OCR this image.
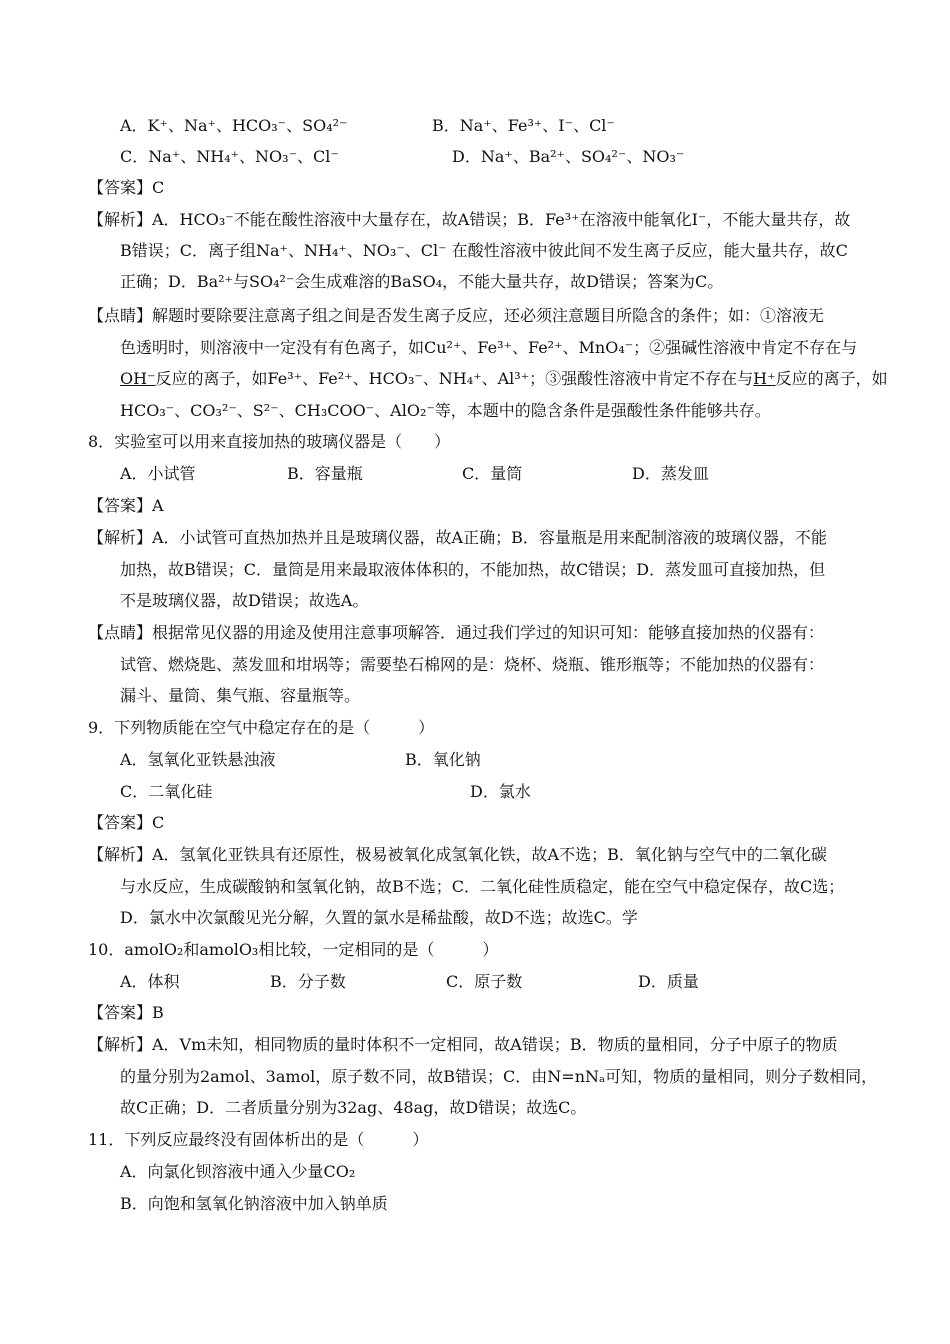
A．K⁺、Na⁺、HCO₃⁻、SO₄²⁻	B．Na⁺、Fe³⁺、I⁻、Cl⁻
C．Na⁺、NH₄⁺、NO₃⁻、Cl⁻	D．Na⁺、Ba²⁺、SO₄²⁻、NO₃⁻
【答案】C
【解析】A．HCO₃⁻不能在酸性溶液中大量存在，故A错误；B．Fe³⁺在溶液中能氧化I⁻，不能大量共存，故
B错误；C．离子组Na⁺、NH₄⁺、NO₃⁻、Cl⁻ 在酸性溶液中彼此间不发生离子反应，能大量共存，故C
正确；D．Ba²⁺与SO₄²⁻会生成难溶的BaSO₄，不能大量共存，故D错误；答案为C。
【点睛】解题时要除要注意离子组之间是否发生离子反应，还必须注意题目所隐含的条件；如：①溶液无
色透明时，则溶液中一定没有有色离子，如Cu²⁺、Fe³⁺、Fe²⁺、MnO₄⁻；②强碱性溶液中肯定不存在与
OH⁻反应的离子，如Fe³⁺、Fe²⁺、HCO₃⁻、NH₄⁺、Al³⁺；③强酸性溶液中肯定不存在与H⁺反应的离子，如
HCO₃⁻、CO₃²⁻、S²⁻、CH₃COO⁻、AlO₂⁻等，本题中的隐含条件是强酸性条件能够共存。
8．实验室可以用来直接加热的玻璃仪器是（　　）
A．小试管	B．容量瓶	C．量筒	D．蒸发皿
【答案】A
【解析】A．小试管可直热加热并且是玻璃仪器，故A正确；B．容量瓶是用来配制溶液的玻璃仪器，不能
加热，故B错误；C．量筒是用来最取液体体积的，不能加热，故C错误；D．蒸发皿可直接加热，但
不是玻璃仪器，故D错误；故选A。
【点睛】根据常见仪器的用途及使用注意事项解答．通过我们学过的知识可知：能够直接加热的仪器有：
试管、燃烧匙、蒸发皿和坩埚等；需要垫石棉网的是：烧杯、烧瓶、锥形瓶等；不能加热的仪器有：
漏斗、量筒、集气瓶、容量瓶等。
9．下列物质能在空气中稳定存在的是（　　　）
A．氢氧化亚铁悬浊液	B．氧化钠
C．二氧化硅	D．氯水
【答案】C
【解析】A．氢氧化亚铁具有还原性，极易被氧化成氢氧化铁，故A不选；B．氧化钠与空气中的二氧化碳
与水反应，生成碳酸钠和氢氧化钠，故B不选；C．二氧化硅性质稳定，能在空气中稳定保存，故C选；
D．氯水中次氯酸见光分解，久置的氯水是稀盐酸，故D不选；故选C。学
10．amolO₂和amolO₃相比较，一定相同的是（　　　）
A．体积	B．分子数	C．原子数	D．质量
【答案】B
【解析】A．Vm未知，相同物质的量时体积不一定相同，故A错误；B．物质的量相同，分子中原子的物质
的量分别为2amol、3amol，原子数不同，故B错误；C．由N=nNₐ可知，物质的量相同，则分子数相同，
故C正确；D．二者质量分别为32ag、48ag，故D错误；故选C。
11．下列反应最终没有固体析出的是（　　　）
A．向氯化钡溶液中通入少量CO₂
B．向饱和氢氧化钠溶液中加入钠单质
